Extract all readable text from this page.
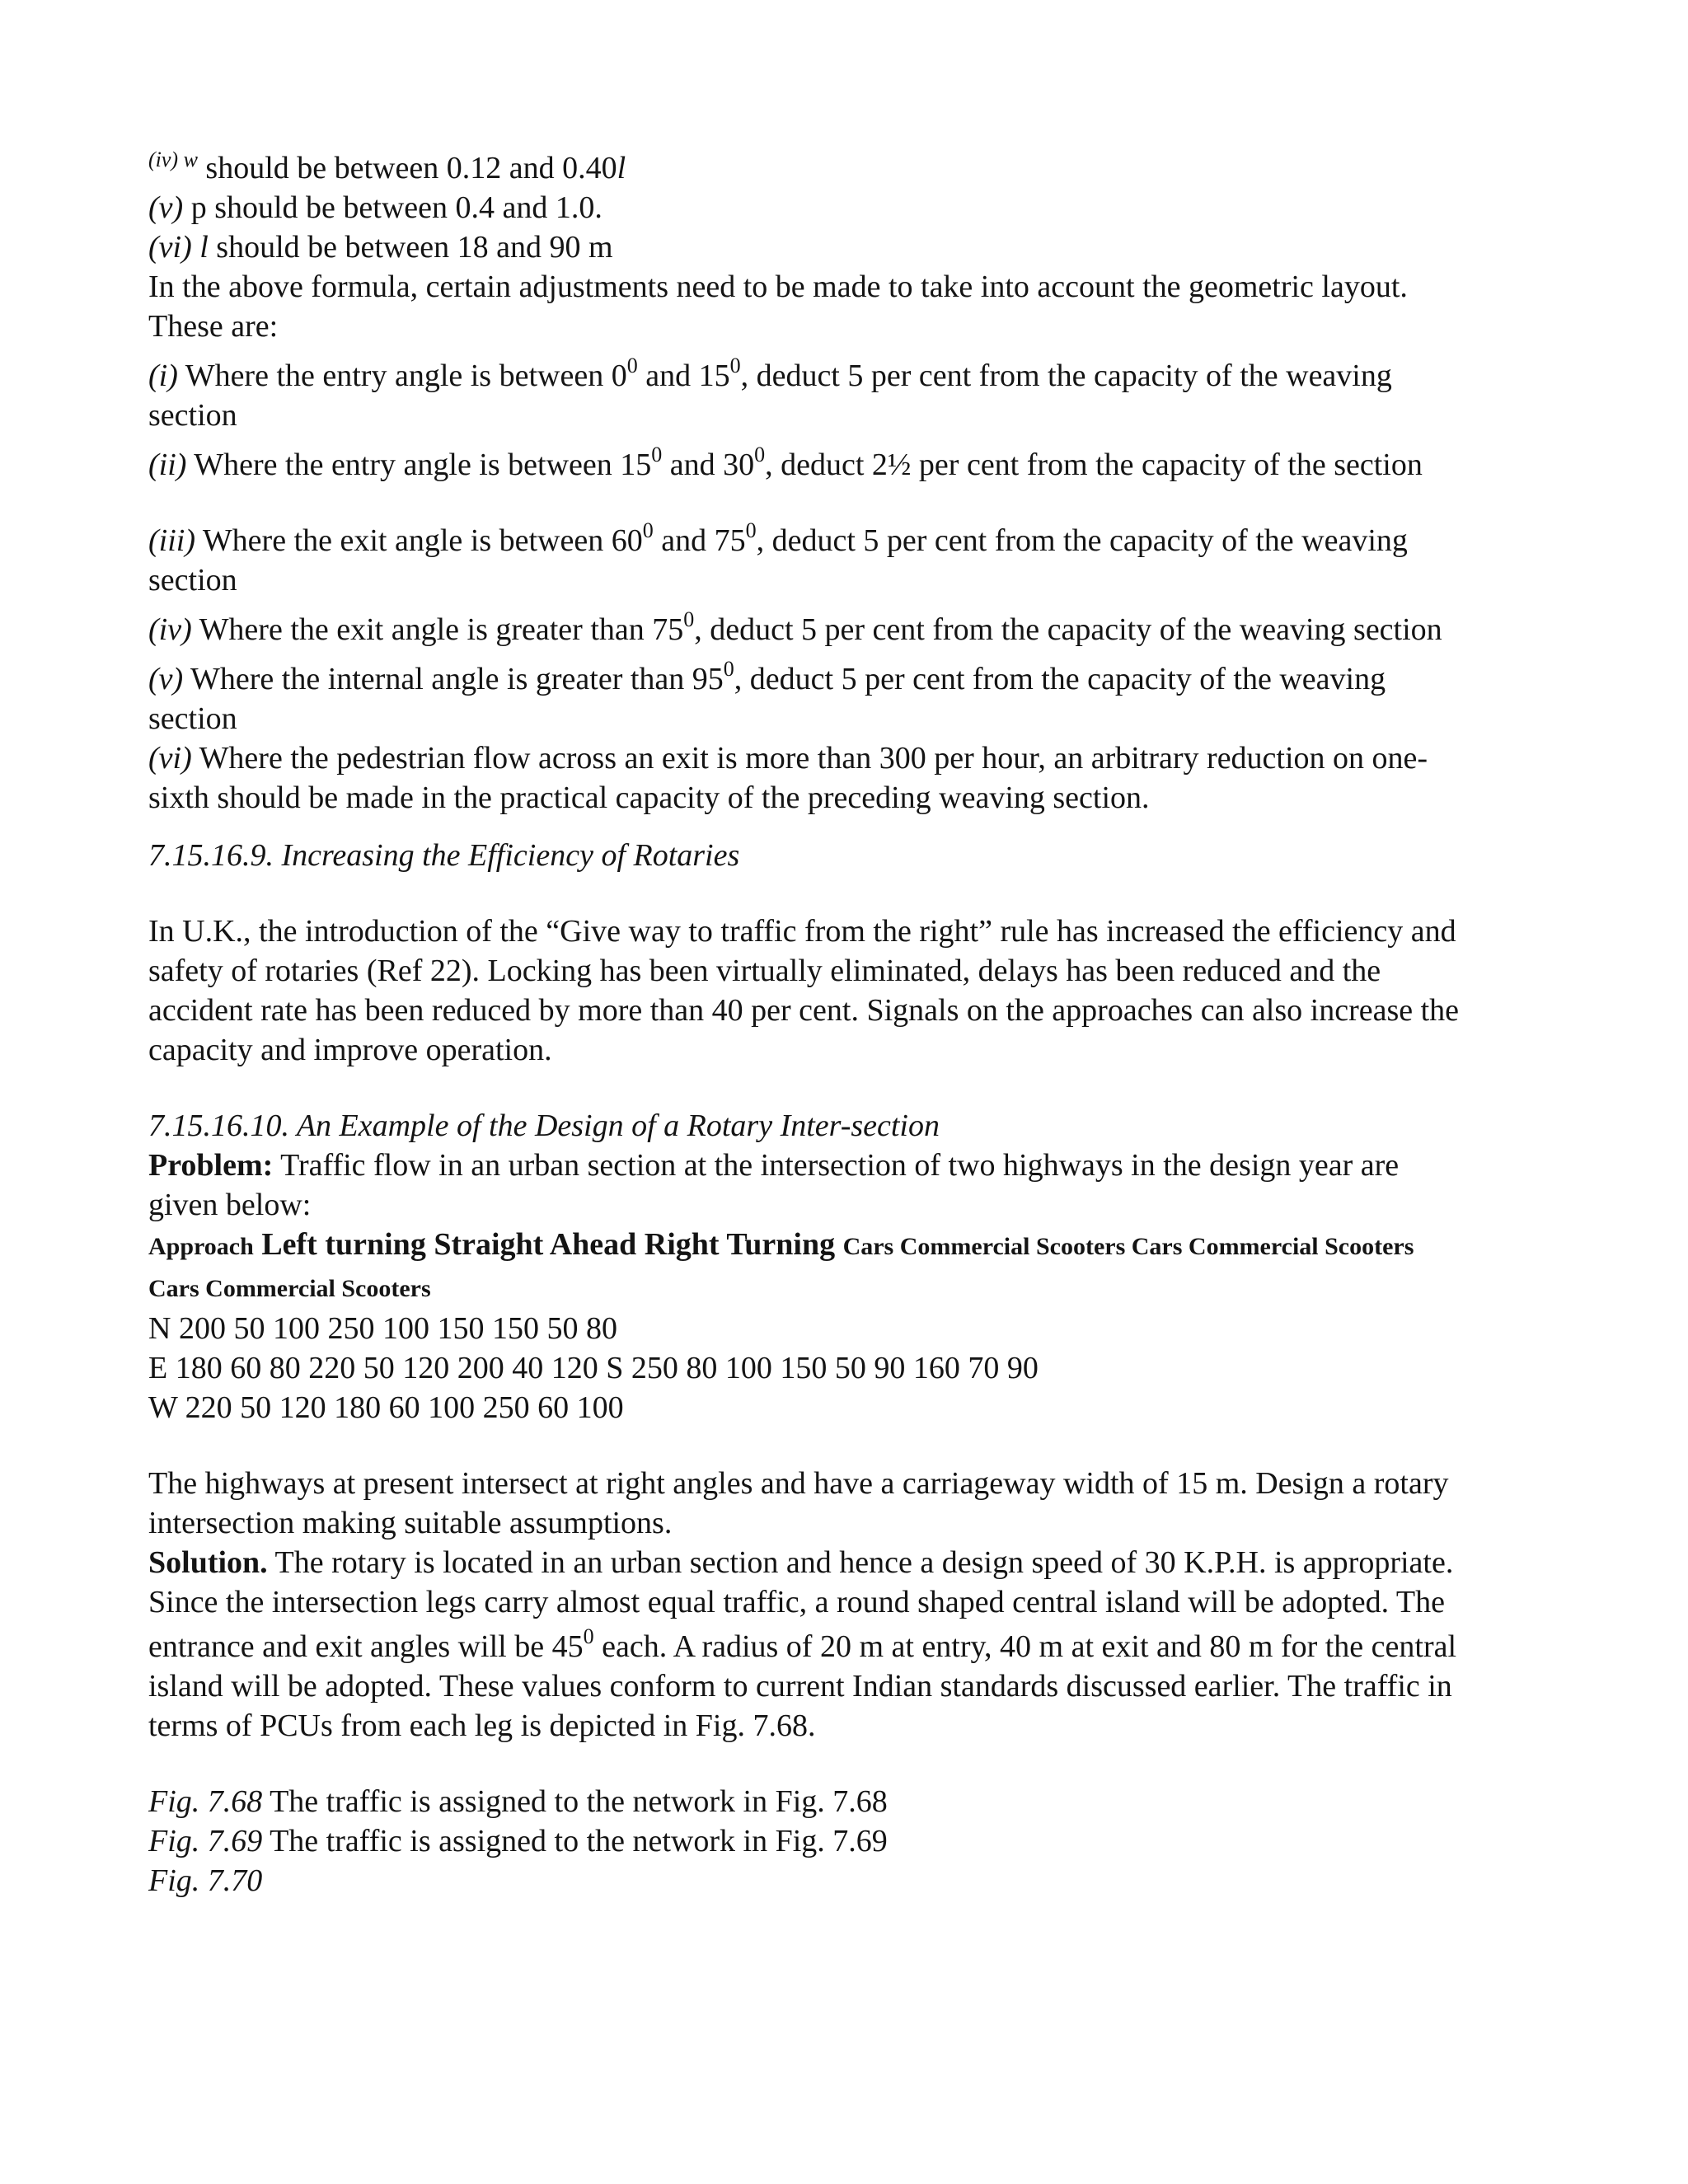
$^{(iv) w}$ should be between 0.12 and 0.40l
(v) p should be between 0.4 and 1.0.
(vi) l should be between 18 and 90 m
In the above formula, certain adjustments need to be made to take into account the geometric layout.
These are:
(i) Where the entry angle is between $0^0$ and $15^0$, deduct 5 per cent from the capacity of the weaving
section
(ii) Where the entry angle is between $15^0$ and $30^0$, deduct 2½ per cent from the capacity of the section
(iii) Where the exit angle is between $60^0$ and $75^0$, deduct 5 per cent from the capacity of the weaving
section
(iv) Where the exit angle is greater than $75^0$, deduct 5 per cent from the capacity of the weaving section
(v) Where the internal angle is greater than $95^0$, deduct 5 per cent from the capacity of the weaving
section
(vi) Where the pedestrian flow across an exit is more than 300 per hour, an arbitrary reduction on one-
sixth should be made in the practical capacity of the preceding weaving section.
7.15.16.9. Increasing the Efficiency of Rotaries
In U.K., the introduction of the “Give way to traffic from the right” rule has increased the efficiency and
safety of rotaries (Ref 22). Locking has been virtually eliminated, delays has been reduced and the
accident rate has been reduced by more than 40 per cent. Signals on the approaches can also increase the
capacity and improve operation.
7.15.16.10. An Example of the Design of a Rotary Inter-section
Problem: Traffic flow in an urban section at the intersection of two highways in the design year are
given below:
Approach Left turning Straight Ahead Right Turning Cars Commercial Scooters Cars Commercial Scooters
Cars Commercial Scooters
N 200 50 100 250 100 150 150 50 80
E 180 60 80 220 50 120 200 40 120 S 250 80 100 150 50 90 160 70 90
W 220 50 120 180 60 100 250 60 100
The highways at present intersect at right angles and have a carriageway width of 15 m. Design a rotary
intersection making suitable assumptions.
Solution. The rotary is located in an urban section and hence a design speed of 30 K.P.H. is appropriate.
Since the intersection legs carry almost equal traffic, a round shaped central island will be adopted. The
entrance and exit angles will be $45^0$ each. A radius of 20 m at entry, 40 m at exit and 80 m for the central
island will be adopted. These values conform to current Indian standards discussed earlier. The traffic in
terms of PCUs from each leg is depicted in Fig. 7.68.
Fig. 7.68 The traffic is assigned to the network in Fig. 7.68
Fig. 7.69 The traffic is assigned to the network in Fig. 7.69
Fig. 7.70
